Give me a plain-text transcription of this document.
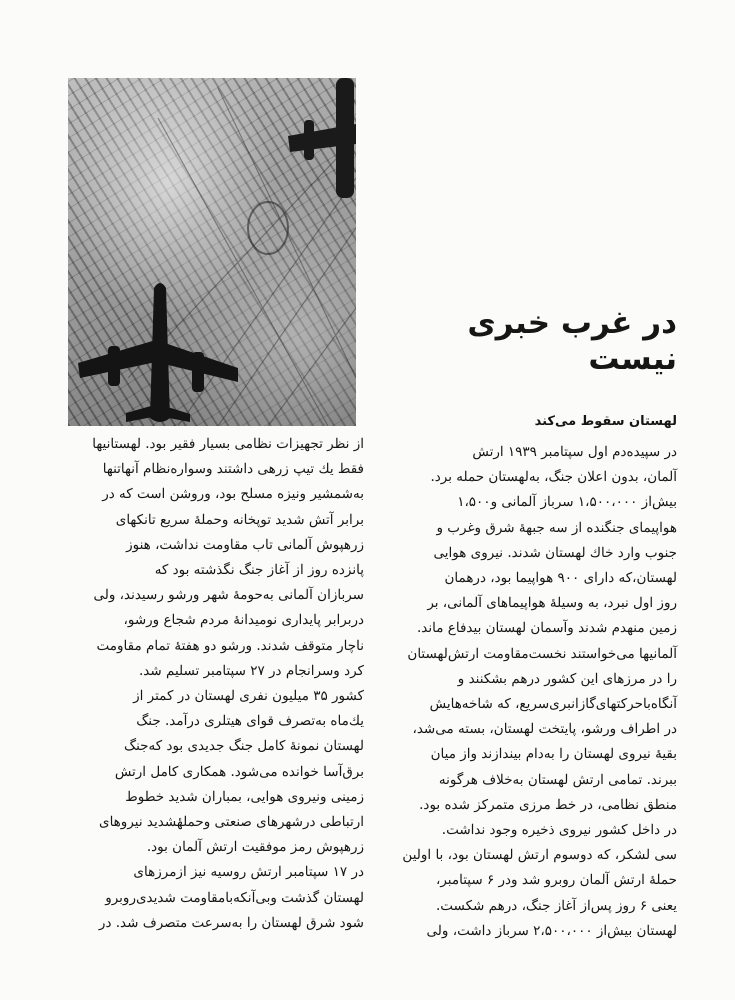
در غرب خبری نیست
لهستان سقوط می‌کند

در سپیده‌دم اول سپتامبر ۱۹۳۹ ارتش
آلمان، بدون اعلان جنگ، به‌لهستان حمله برد.
بیش‌از ۱،۵۰۰،۰۰۰ سرباز آلمانی و۱،۵۰۰
هواپیمای جنگنده از سه جبههٔ شرق وغرب و
جنوب وارد خاك لهستان شدند. نیروی هوایی
لهستان،که دارای ۹۰۰ هواپیما بود، درهمان
روز اول نبرد، به وسیلهٔ هواپیماهای آلمانی، بر
زمین منهدم شدند وآسمان لهستان بیدفاع ماند.
آلمانیها می‌خواستند نخست‌مقاومت ارتش‌لهستان
را در مرزهای این کشور درهم بشکنند و
آنگاه‌باحرکتهای‌گازانبری‌سریع، که شاخه‌هایش
در اطراف ورشو، پایتخت لهستان، بسته می‌شد،
بقیهٔ نیروی لهستان را به‌دام بیندازند واز میان
ببرند. تمامی ارتش لهستان به‌خلاف هرگونه
منطق نظامی، در خط مرزی متمرکز شده بود.
در داخل کشور نیروی ذخیره وجود نداشت.
سی لشکر، که دوسوم ارتش لهستان بود، با اولین
حملهٔ ارتش آلمان روبرو شد ودر ۶ سپتامبر،
یعنی ۶ روز پس‌از آغاز جنگ، درهم شکست.
لهستان بیش‌از ۲،۵۰۰،۰۰۰ سرباز داشت، ولی

از نظر تجهیزات نظامی بسیار فقیر بود. لهستانیها
فقط یك تیپ زرهی داشتند وسواره‌نظام آنهاتنها
به‌شمشیر ونیزه مسلح بود، وروشن است که در
برابر آتش شدید توپخانه وحملهٔ سریع تانکهای
زرهپوش آلمانی تاب مقاومت نداشت، هنوز
پانزده روز از آغاز جنگ نگذشته بود که
سربازان آلمانی به‌حومهٔ شهر ورشو رسیدند، ولی
دربرابر پایداری نومیدانهٔ مردم شجاع ورشو،
ناچار متوقف شدند. ورشو دو هفتهٔ تمام مقاومت
کرد وسرانجام در ۲۷ سپتامبر تسلیم شد.

کشور ۳۵ میلیون نفری لهستان در کمتر از
یك‌ماه به‌تصرف قوای هیتلری درآمد. جنگ
لهستان نمونهٔ کامل جنگ جدیدی بود که‌جنگ
برق‌آسا خوانده می‌شود. همکاری کامل ارتش
زمینی ونیروی هوایی، بمباران شدید خطوط
ارتباطی درشهرهای صنعتی وحملهٔشدید نیروهای
زرهپوش رمز موفقیت ارتش آلمان بود.

در ۱۷ سپتامبر ارتش روسیه نیز ازمرزهای
لهستان گذشت وبی‌آنکه‌بامقاومت شدیدی‌روبرو
شود شرق لهستان را به‌سرعت متصرف شد. در
